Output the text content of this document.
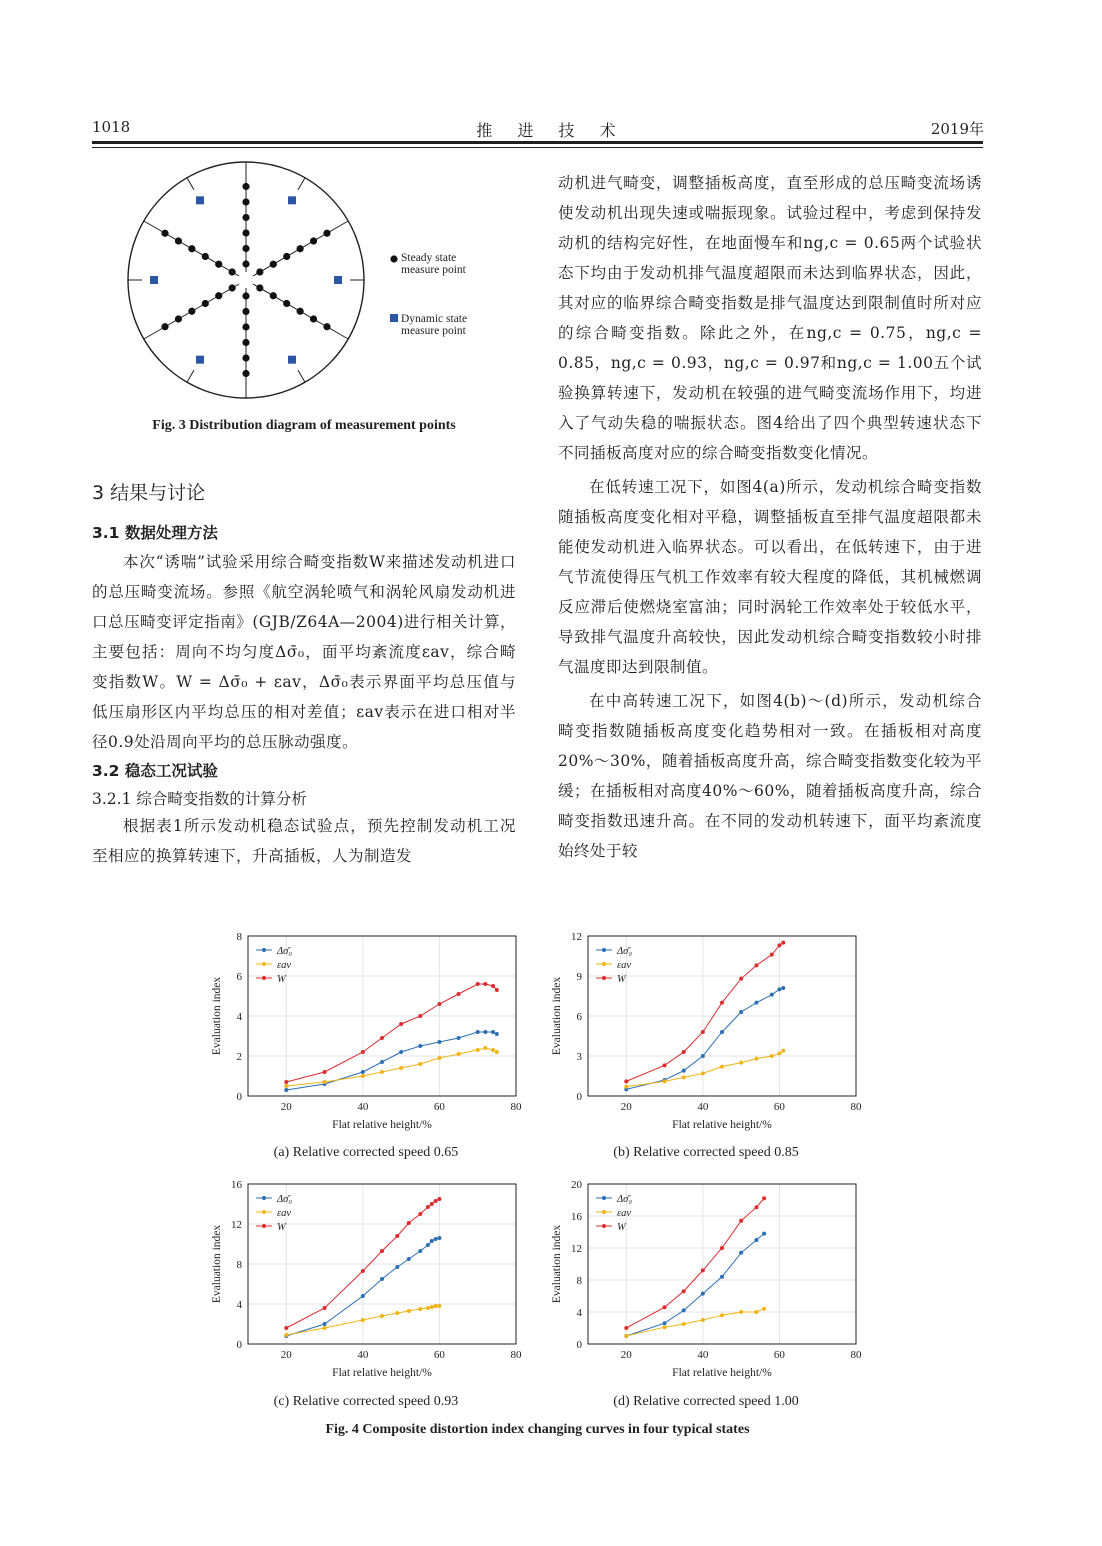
1018	推 进 技 术	2019年
Steady state
measure point
Dynamic state
measure point
Fig. 3 Distribution diagram of measurement points

3 结果与讨论

3.1 数据处理方法

本次“诱喘”试验采用综合畸变指数W来描述发动机进口的总压畸变流场。参照《航空涡轮喷气和涡轮风扇发动机进口总压畸变评定指南》(GJB/Z64A—2004)进行相关计算，主要包括：周向不均匀度Δσ̄₀，面平均紊流度εav，综合畸变指数W。W = Δσ̄₀ + εav，Δσ̄₀表示界面平均总压值与低压扇形区内平均总压的相对差值；εav表示在进口相对半径0.9处沿周向平均的总压脉动强度。

3.2 稳态工况试验

3.2.1 综合畸变指数的计算分析

根据表1所示发动机稳态试验点，预先控制发动机工况至相应的换算转速下，升高插板，人为制造发

动机进气畸变，调整插板高度，直至形成的总压畸变流场诱使发动机出现失速或喘振现象。试验过程中，考虑到保持发动机的结构完好性，在地面慢车和ng,c = 0.65两个试验状态下均由于发动机排气温度超限而未达到临界状态，因此，其对应的临界综合畸变指数是排气温度达到限制值时所对应的综合畸变指数。除此之外，在ng,c = 0.75，ng,c = 0.85，ng,c = 0.93，ng,c = 0.97和ng,c = 1.00五个试验换算转速下，发动机在较强的进气畸变流场作用下，均进入了气动失稳的喘振状态。图4给出了四个典型转速状态下不同插板高度对应的综合畸变指数变化情况。

在低转速工况下，如图4(a)所示，发动机综合畸变指数随插板高度变化相对平稳，调整插板直至排气温度超限都未能使发动机进入临界状态。可以看出，在低转速下，由于进气节流使得压气机工作效率有较大程度的降低，其机械燃调反应滞后使燃烧室富油；同时涡轮工作效率处于较低水平，导致排气温度升高较快，因此发动机综合畸变指数较小时排气温度即达到限制值。

在中高转速工况下，如图4(b)～(d)所示，发动机综合畸变指数随插板高度变化趋势相对一致。在插板相对高度20%～30%，随着插板高度升高，综合畸变指数变化较为平缓；在插板相对高度40%～60%，随着插板高度升高，综合畸变指数迅速升高。在不同的发动机转速下，面平均紊流度始终处于较

0
2
4
6
8
20	40	60	80
Flat relative height/%
Evaluation index
Δσ̄₀
εav
W
0
3
6
9
12
20	40	60	80
Flat relative height/%
Evaluation index
Δσ̄₀
εav
W
0
4
8
12
16
20	40	60	80
Flat relative height/%
Evaluation index
Δσ̄₀
εav
W
0
4
8
12
16
20
20	40	60	80
Flat relative height/%
Evaluation index
Δσ̄₀
εav
W
(a) Relative corrected speed 0.65	(b) Relative corrected speed 0.85
(c) Relative corrected speed 0.93	(d) Relative corrected speed 1.00
Fig. 4 Composite distortion index changing curves in four typical states
